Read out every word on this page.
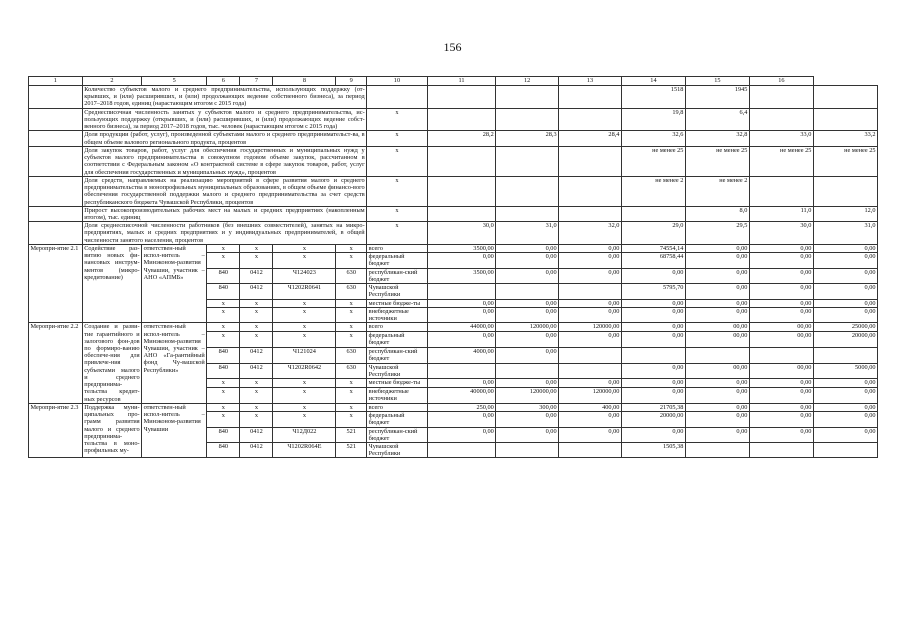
156
1	2		5	6	7	8	9	10	11	12	13	14	15	16	
	Количество субъектов малого и среднего предпринимательства, использующих поддержку (от-крывших, и (или) расширивших, и (или) продолжающих ведение собственного бизнеса), за период 2017–2018 годов, единиц (нарастающим итогом с 2015 года)										1518	1945		
	Среднесписочная численность занятых у субъектов малого и среднего предпринимательства, ис-пользующих поддержку (открывших, и (или) расширивших, и (или) продолжающих ведение собст-венного бизнеса), за период 2017–2018 годов, тыс. человек (нарастающим итогом с 2015 года)						х				19,8	6,4		
	Доля продукции (работ, услуг), произведенной субъектами малого и среднего предпринимательст-ва, в общем объеме валового регионального продукта, процентов						х	28,2	28,3	28,4	32,6	32,8	33,0	33,2
	Доля закупок товаров, работ, услуг для обеспечения государственных и муниципальных нужд у субъектов малого предпринимательства в совокупном годовом объеме закупок, рассчитанном в соответствии с Федеральным законом «О контрактной системе в сфере закупок товаров, работ, услуг для обеспечения государственных и муниципальных нужд», процентов						х				не менее 25	не менее 25	не менее 25	не менее 25
	Доля средств, направляемых на реализацию мероприятий в сфере развития малого и среднего предпринимательства в монопрофильных муниципальных образованиях, в общем объеме финансо-вого обеспечения государственной поддержки малого и среднего предпринимательства за счет средств республиканского бюджета Чувашской Республики, процентов						х				не менее 2	не менее 2		
	Прирост высокопроизводительных рабочих мест на малых и средних предприятиях (накопленным итогом), тыс. единиц						х					8,0	11,0	12,0
	Доля среднесписочной численности работников (без внешних совместителей), занятых на микро-предприятиях, малых и средних предприятиях и у индивидуальных предпринимателей, в общей численности занятого населения, процентов						х	30,0	31,0	32,0	29,0	29,5	30,0	31,0
Меропри-ятие 2.1	Содействие раз-витию новых фи-нансовых инструм-ментов (микро-кредитование)	ответствен-ный испол-нитель – Минэконом-развития Чувашии, участник – АНО «АПМБ»	х	х	х	х	всего	3500,00	0,00	0,00	74554,14	0,00	0,00	0,00
			х	х	х	х	федеральный бюджет	0,00	0,00	0,00	68758,44	0,00	0,00	0,00
			840	0412	Ч124023	630	республикан-ский бюджет	3500,00	0,00	0,00	0,00	0,00	0,00	0,00
			840	0412	Ч1202R0641	630	Чувашской Республики				5795,70	0,00	0,00	0,00
			х	х	х	х	местные бюдже-ты	0,00	0,00	0,00	0,00	0,00	0,00	0,00
			х	х	х	х	внебюджетные источники	0,00	0,00	0,00	0,00	0,00	0,00	0,00
Меропри-ятие 2.2	Создание и разви-тие гарантийного и залогового фон-дов по формиро-ванию обеспече-ния для привлече-ния субъектами малого и среднего предпринима-тельства кредит-ных ресурсов	ответствен-ный испол-нитель – Минэконом-развития Чувашии, участник – АНО «Га-рантийный фонд Чу-вашской Республики»	х	х	х	х	всего	44000,00	120000,00	120000,00	0,00	00,00	00,00	25000,00
			х	х	х	х	федеральный бюджет	0,00	0,00	0,00	0,00	00,00	00,00	20000,00
			840	0412	Ч121024	630	республикан-ский бюджет	4000,00	0,00					
			840	0412	Ч1202R0642	630	Чувашской Республики				0,00	00,00	00,00	5000,00
			х	х	х	х	местные бюдже-ты	0,00	0,00	0,00	0,00	0,00	0,00	0,00
			х	х	х	х	внебюджетные источники	40000,00	120000,00	120000,00	0,00	0,00	0,00	0,00
Меропри-ятие 2.3	Поддержка муни-ципальных про-грамм развития малого и среднего предпринима-тельства в моно-профильных му-	ответствен-ный испол-нитель – Минэконом-развития Чувашии	х	х	х	х	всего	250,00	300,00	400,00	21705,38	0,00	0,00	0,00
			х	х	х	х	федеральный бюджет	0,00	0,00	0,00	20000,00	0,00	0,00	0,00
			840	0412	Ч12Д022	521	республикан-ский бюджет	0,00	0,00	0,00	0,00	0,00	0,00	0,00
			840	0412	Ч1202R064E	521	Чувашской Республики				1505,38			
